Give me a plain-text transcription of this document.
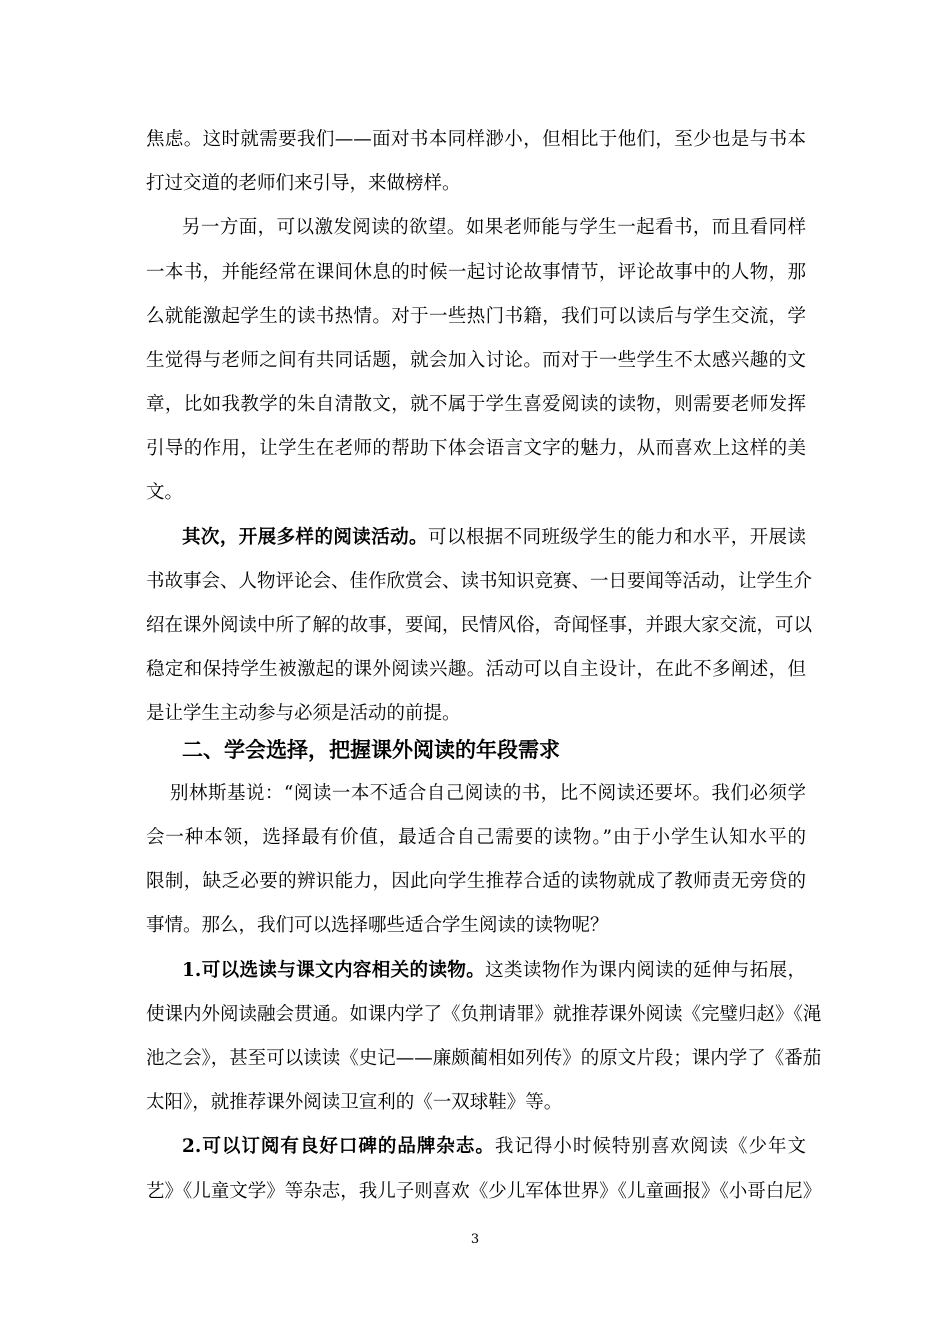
焦虑。这时就需要我们——面对书本同样渺小，但相比于他们，至少也是与书本
打过交道的老师们来引导，来做榜样。
另一方面，可以激发阅读的欲望。如果老师能与学生一起看书，而且看同样
一本书，并能经常在课间休息的时候一起讨论故事情节，评论故事中的人物，那
么就能激起学生的读书热情。对于一些热门书籍，我们可以读后与学生交流，学
生觉得与老师之间有共同话题，就会加入讨论。而对于一些学生不太感兴趣的文
章，比如我教学的朱自清散文，就不属于学生喜爱阅读的读物，则需要老师发挥
引导的作用，让学生在老师的帮助下体会语言文字的魅力，从而喜欢上这样的美
文。
其次，开展多样的阅读活动。可以根据不同班级学生的能力和水平，开展读
书故事会、人物评论会、佳作欣赏会、读书知识竞赛、一日要闻等活动，让学生介
绍在课外阅读中所了解的故事，要闻，民情风俗，奇闻怪事，并跟大家交流，可以
稳定和保持学生被激起的课外阅读兴趣。活动可以自主设计，在此不多阐述，但
是让学生主动参与必须是活动的前提。
二、学会选择，把握课外阅读的年段需求
别林斯基说：“阅读一本不适合自己阅读的书，比不阅读还要坏。我们必须学
会一种本领，选择最有价值，最适合自己需要的读物。”由于小学生认知水平的
限制，缺乏必要的辨识能力，因此向学生推荐合适的读物就成了教师责无旁贷的
事情。那么，我们可以选择哪些适合学生阅读的读物呢？
1.可以选读与课文内容相关的读物。这类读物作为课内阅读的延伸与拓展，
使课内外阅读融会贯通。如课内学了《负荆请罪》就推荐课外阅读《完璧归赵》《渑
池之会》，甚至可以读读《史记——廉颇蔺相如列传》的原文片段；课内学了《番茄
太阳》，就推荐课外阅读卫宣利的《一双球鞋》等。
2.可以订阅有良好口碑的品牌杂志。我记得小时候特别喜欢阅读《少年文
艺》《儿童文学》等杂志，我儿子则喜欢《少儿军体世界》《儿童画报》《小哥白尼》
3
